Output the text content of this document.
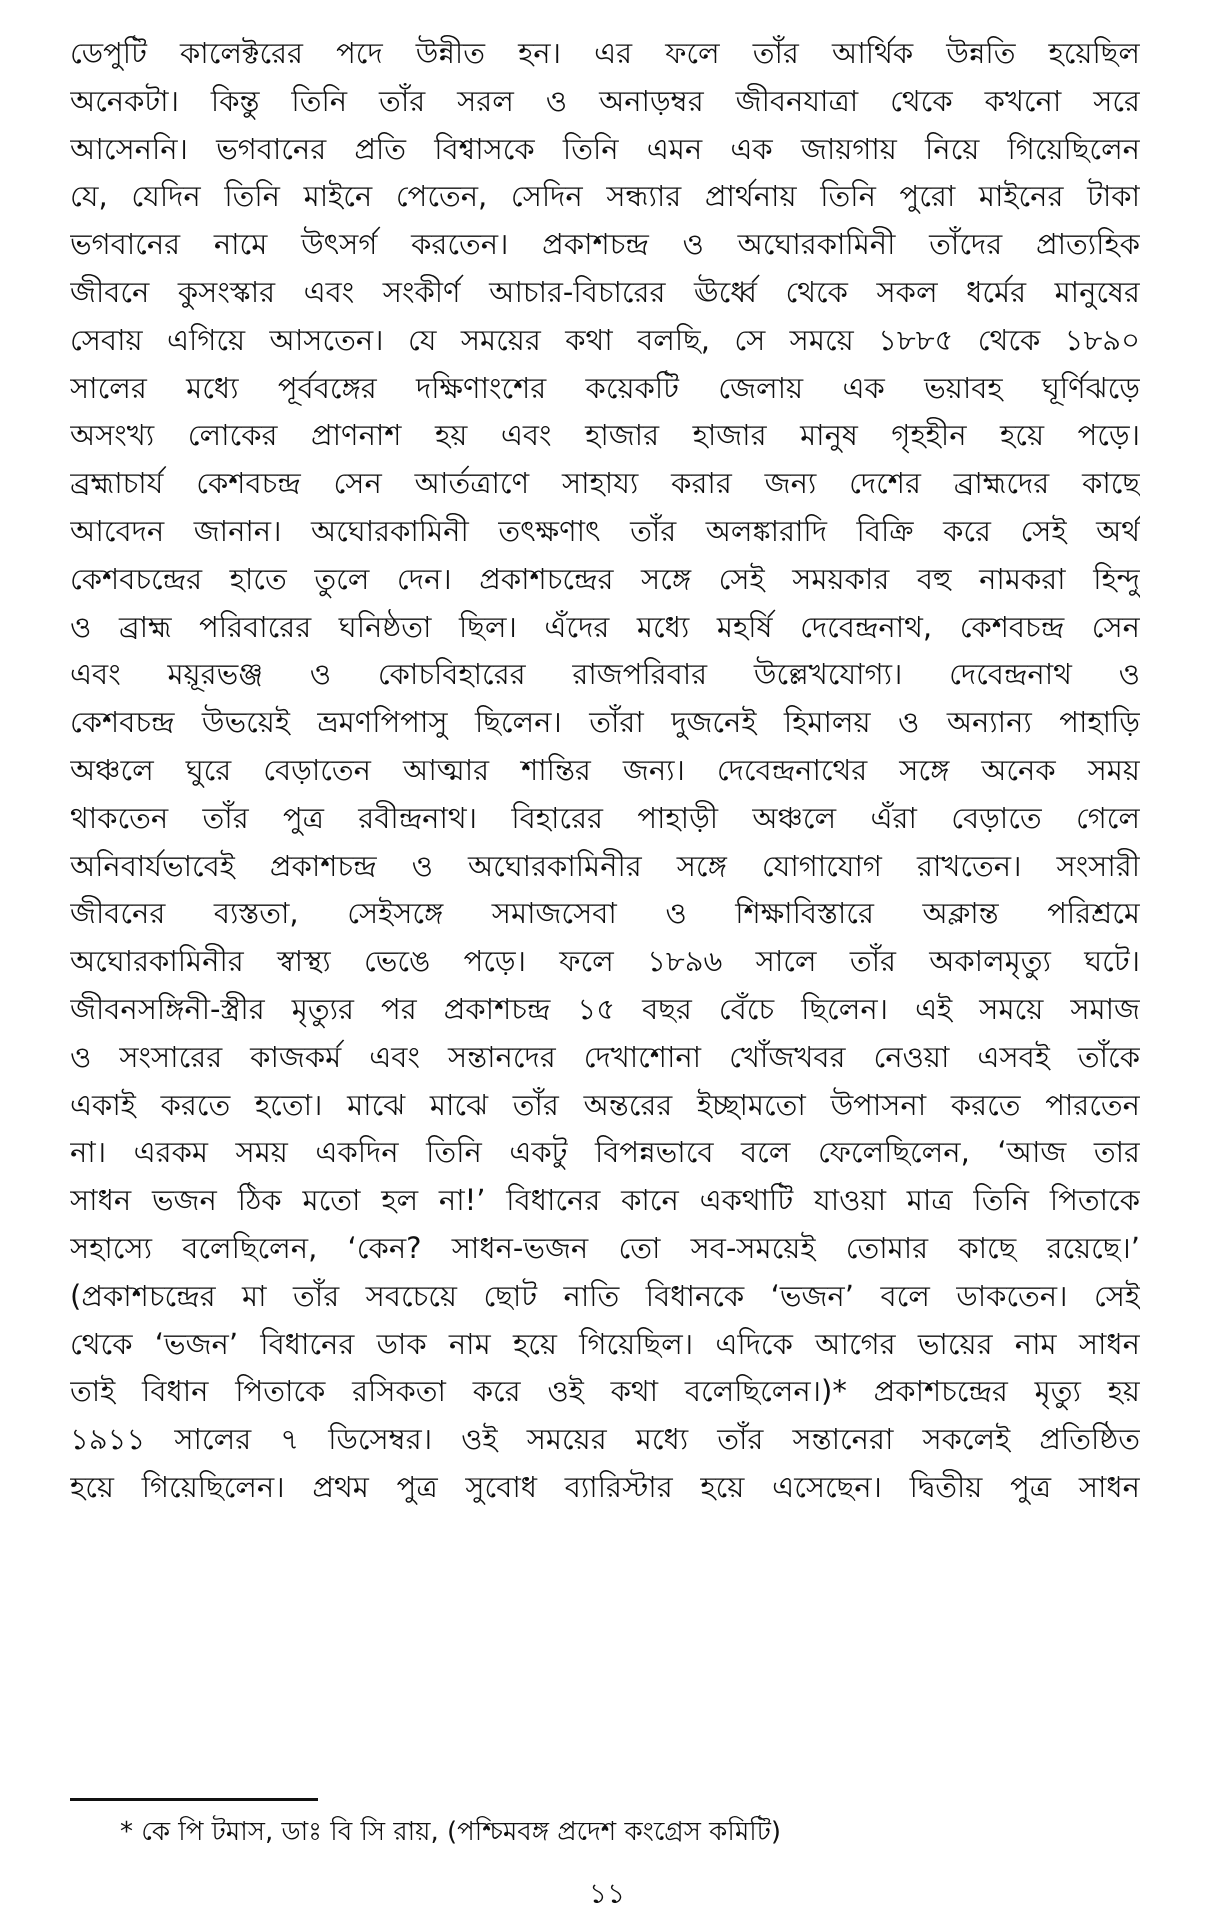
ডেপুটি কালেক্টরের পদে উন্নীত হন। এর ফলে তাঁর আর্থিক উন্নতি হয়েছিল
অনেকটা। কিন্তু তিনি তাঁর সরল ও অনাড়ম্বর জীবনযাত্রা থেকে কখনো সরে
আসেননি। ভগবানের প্রতি বিশ্বাসকে তিনি এমন এক জায়গায় নিয়ে গিয়েছিলেন
যে, যেদিন তিনি মাইনে পেতেন, সেদিন সন্ধ্যার প্রার্থনায় তিনি পুরো মাইনের টাকা
ভগবানের নামে উৎসর্গ করতেন। প্রকাশচন্দ্র ও অঘোরকামিনী তাঁদের প্রাত্যহিক
জীবনে কুসংস্কার এবং সংকীর্ণ আচার-বিচারের ঊর্ধ্বে থেকে সকল ধর্মের মানুষের
সেবায় এগিয়ে আসতেন। যে সময়ের কথা বলছি, সে সময়ে ১৮৮৫ থেকে ১৮৯০
সালের মধ্যে পূর্ববঙ্গের দক্ষিণাংশের কয়েকটি জেলায় এক ভয়াবহ ঘূর্ণিঝড়ে
অসংখ্য লোকের প্রাণনাশ হয় এবং হাজার হাজার মানুষ গৃহহীন হয়ে পড়ে।
ব্রহ্মাচার্য কেশবচন্দ্র সেন আর্তত্রাণে সাহায্য করার জন্য দেশের ব্রাহ্মদের কাছে
আবেদন জানান। অঘোরকামিনী তৎক্ষণাৎ তাঁর অলঙ্কারাদি বিক্রি করে সেই অর্থ
কেশবচন্দ্রের হাতে তুলে দেন। প্রকাশচন্দ্রের সঙ্গে সেই সময়কার বহু নামকরা হিন্দু
ও ব্রাহ্ম পরিবারের ঘনিষ্ঠতা ছিল। এঁদের মধ্যে মহর্ষি দেবেন্দ্রনাথ, কেশবচন্দ্র সেন
এবং ময়ূরভঞ্জ ও কোচবিহারের রাজপরিবার উল্লেখযোগ্য। দেবেন্দ্রনাথ ও
কেশবচন্দ্র উভয়েই ভ্রমণপিপাসু ছিলেন। তাঁরা দুজনেই হিমালয় ও অন্যান্য পাহাড়ি
অঞ্চলে ঘুরে বেড়াতেন আত্মার শান্তির জন্য। দেবেন্দ্রনাথের সঙ্গে অনেক সময়
থাকতেন তাঁর পুত্র রবীন্দ্রনাথ। বিহারের পাহাড়ী অঞ্চলে এঁরা বেড়াতে গেলে
অনিবার্যভাবেই প্রকাশচন্দ্র ও অঘোরকামিনীর সঙ্গে যোগাযোগ রাখতেন। সংসারী
জীবনের ব্যস্ততা, সেইসঙ্গে সমাজসেবা ও শিক্ষাবিস্তারে অক্লান্ত পরিশ্রমে
অঘোরকামিনীর স্বাস্থ্য ভেঙে পড়ে। ফলে ১৮৯৬ সালে তাঁর অকালমৃত্যু ঘটে।
জীবনসঙ্গিনী-স্ত্রীর মৃত্যুর পর প্রকাশচন্দ্র ১৫ বছর বেঁচে ছিলেন। এই সময়ে সমাজ
ও সংসারের কাজকর্ম এবং সন্তানদের দেখাশোনা খোঁজখবর নেওয়া এসবই তাঁকে
একাই করতে হতো। মাঝে মাঝে তাঁর অন্তরের ইচ্ছামতো উপাসনা করতে পারতেন
না। এরকম সময় একদিন তিনি একটু বিপন্নভাবে বলে ফেলেছিলেন, ‘আজ তার
সাধন ভজন ঠিক মতো হল না!’ বিধানের কানে একথাটি যাওয়া মাত্র তিনি পিতাকে
সহাস্যে বলেছিলেন, ‘কেন? সাধন-ভজন তো সব-সময়েই তোমার কাছে রয়েছে।’
(প্রকাশচন্দ্রের মা তাঁর সবচেয়ে ছোট নাতি বিধানকে ‘ভজন’ বলে ডাকতেন। সেই
থেকে ‘ভজন’ বিধানের ডাক নাম হয়ে গিয়েছিল। এদিকে আগের ভায়ের নাম সাধন
তাই বিধান পিতাকে রসিকতা করে ওই কথা বলেছিলেন।)* প্রকাশচন্দ্রের মৃত্যু হয়
১৯১১ সালের ৭ ডিসেম্বর। ওই সময়ের মধ্যে তাঁর সন্তানেরা সকলেই প্রতিষ্ঠিত
হয়ে গিয়েছিলেন। প্রথম পুত্র সুবোধ ব্যারিস্টার হয়ে এসেছেন। দ্বিতীয় পুত্র সাধন
* কে পি টমাস, ডাঃ বি সি রায়, (পশ্চিমবঙ্গ প্রদেশ কংগ্রেস কমিটি)
১১
